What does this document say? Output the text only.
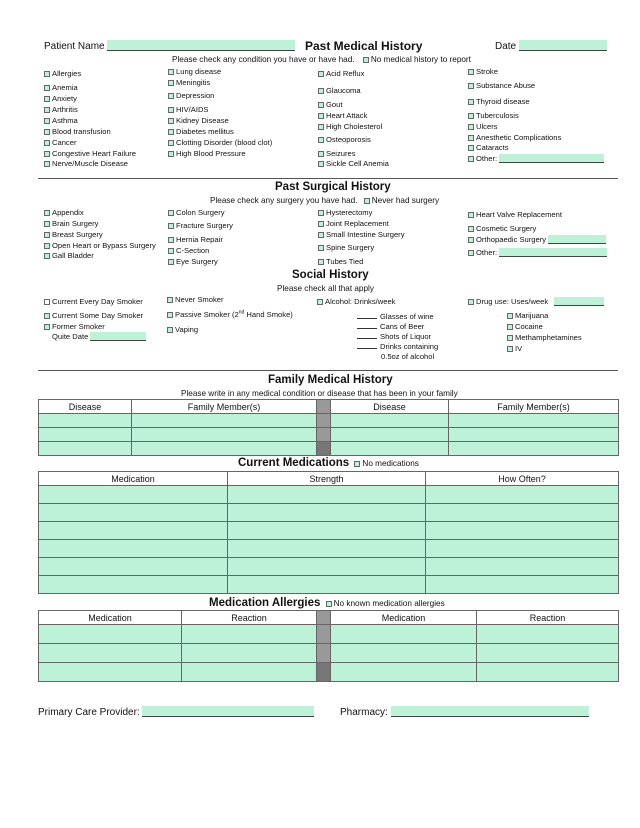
Patient Name	Past Medical History	Date
Please check any condition you have or have had. No medical history to report
Allergies
Anemia
Anxiety
Arthritis
Asthma
Blood transfusion
Cancer
Congestive Heart Failure
Nerve/Muscle Disease
Lung disease
Meningitis
Depression
HIV/AIDS
Kidney Disease
Diabetes mellitus
Clotting Disorder (blood clot)
High Blood Pressure
Acid Reflux
Glaucoma
Gout
Heart Attack
High Cholesterol
Osteoporosis
Seizures
Sickle Cell Anemia
Stroke
Substance Abuse
Thyroid disease
Tuberculosis
Ulcers
Anesthetic Complications
Cataracts
Other:
Past Surgical History
Please check any surgery you have had. Never had surgery
Appendix
Brain Surgery
Breast Surgery
Open Heart or Bypass Surgery
Gall Bladder
Colon Surgery
Fracture Surgery
Hernia Repair
C-Section
Eye Surgery
Hysterectomy
Joint Replacement
Small Intestine Surgery
Spine Surgery
Tubes Tied
Heart Valve Replacement
Cosmetic Surgery
Orthopaedic Surgery
Other:
Social History
Please check all that apply
Current Every Day Smoker
Current Some Day Smoker
Former Smoker
Quite Date
Never Smoker
Passive Smoker (2nd Hand Smoke)
Vaping
Alcohol: Drinks/week
Glasses of wine
Cans of Beer
Shots of Liquor
Drinks containing
0.5oz of alcohol
Drug use: Uses/week
Marijuana
Cocaine
Methamphetamines
IV
Family Medical History
Please write in any medical condition or disease that has been in your family
Disease	Family Member(s)		Disease	Family Member(s)

Current Medications No medications
Medication	Strength	How Often?

Medication Allergies No known medication allergies
Medication	Reaction		Medication	Reaction

Primary Care Provider:	Pharmacy:
